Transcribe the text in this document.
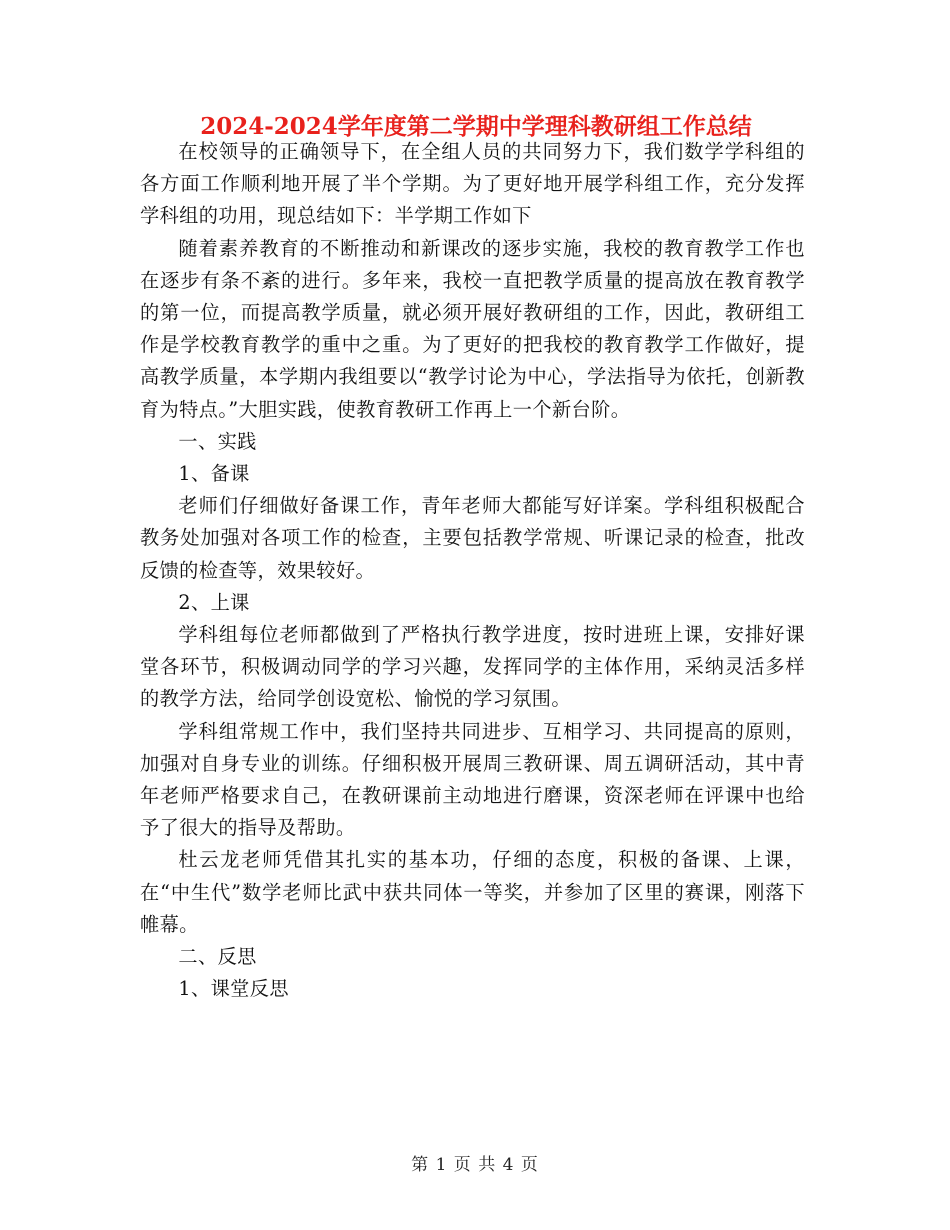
2024-2024学年度第二学期中学理科教研组工作总结

在校领导的正确领导下，在全组人员的共同努力下，我们数学学科组的各方面工作顺利地开展了半个学期。为了更好地开展学科组工作，充分发挥学科组的功用，现总结如下：半学期工作如下

随着素养教育的不断推动和新课改的逐步实施，我校的教育教学工作也在逐步有条不紊的进行。多年来，我校一直把教学质量的提高放在教育教学的第一位，而提高教学质量，就必须开展好教研组的工作，因此，教研组工作是学校教育教学的重中之重。为了更好的把我校的教育教学工作做好，提高教学质量，本学期内我组要以“教学讨论为中心，学法指导为依托，创新教育为特点。”大胆实践，使教育教研工作再上一个新台阶。

一、实践

1、备课

老师们仔细做好备课工作，青年老师大都能写好详案。学科组积极配合教务处加强对各项工作的检查，主要包括教学常规、听课记录的检查，批改反馈的检查等，效果较好。

2、上课

学科组每位老师都做到了严格执行教学进度，按时进班上课，安排好课堂各环节，积极调动同学的学习兴趣，发挥同学的主体作用，采纳灵活多样的教学方法，给同学创设宽松、愉悦的学习氛围。

学科组常规工作中，我们坚持共同进步、互相学习、共同提高的原则，加强对自身专业的训练。仔细积极开展周三教研课、周五调研活动，其中青年老师严格要求自己，在教研课前主动地进行磨课，资深老师在评课中也给予了很大的指导及帮助。

杜云龙老师凭借其扎实的基本功，仔细的态度，积极的备课、上课，在“中生代”数学老师比武中获共同体一等奖，并参加了区里的赛课，刚落下帷幕。

二、反思

1、课堂反思

第 1 页 共 4 页
